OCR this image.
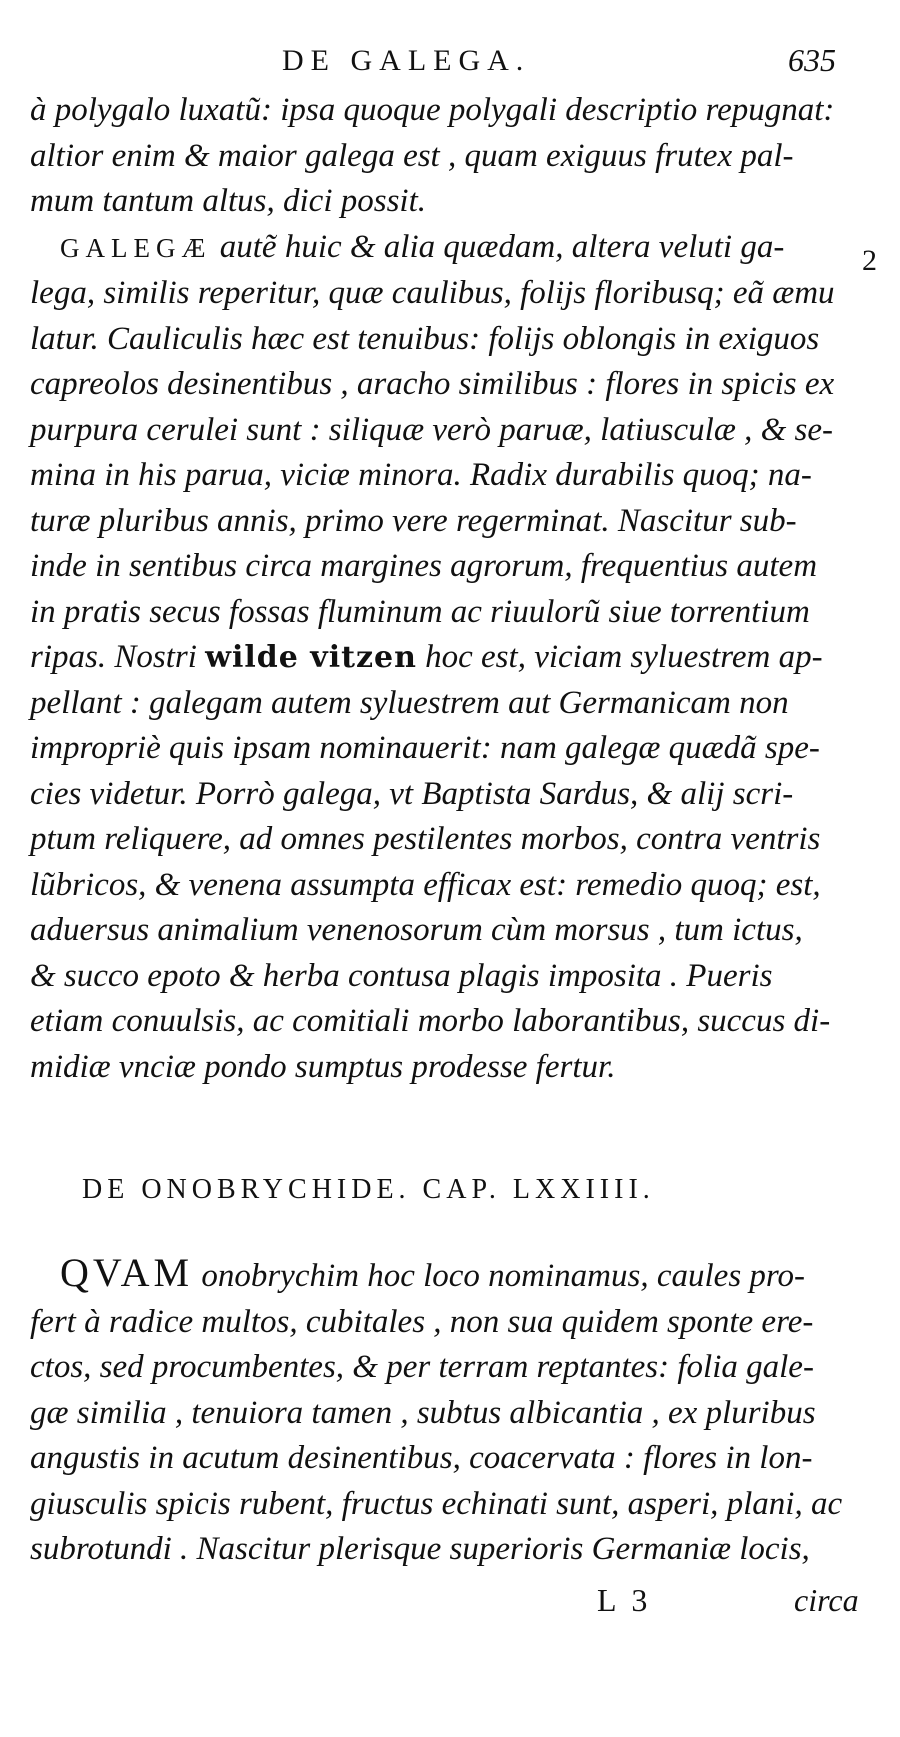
DE GALEGA.	635
à polygalo luxatũ: ipsa quoque polygali descriptio repugnat:
altior enim & maior galega est , quam exiguus frutex pal-
mum tantum altus, dici possit.
GALEGÆ autẽ huic & alia quædam, altera veluti ga-
lega, similis reperitur, quæ caulibus, folijs floribusq; eã æmu
latur. Cauliculis hæc est tenuibus: folijs oblongis in exiguos
capreolos desinentibus , aracho similibus : flores in spicis ex
purpura cerulei sunt : siliquæ verò paruæ, latiusculæ , & se-
mina in his parua, viciæ minora. Radix durabilis quoq; na-
turæ pluribus annis, primo vere regerminat. Nascitur sub-
inde in sentibus circa margines agrorum, frequentius autem
in pratis secus fossas fluminum ac riuulorũ siue torrentium
ripas. Nostri wilde vitzen hoc est, viciam syluestrem ap-
pellant : galegam autem syluestrem aut Germanicam non
impropriè quis ipsam nominauerit: nam galegæ quædã spe-
cies videtur. Porrò galega, vt Baptista Sardus, & alij scri-
ptum reliquere, ad omnes pestilentes morbos, contra ventris
lũbricos, & venena assumpta efficax est: remedio quoq; est,
aduersus animalium venenosorum cùm morsus , tum ictus,
& succo epoto & herba contusa plagis imposita . Pueris
etiam conuulsis, ac comitiali morbo laborantibus, succus di-
midiæ vnciæ pondo sumptus prodesse fertur.
2
DE ONOBRYCHIDE. CAP. LXXIIII.
QVAM onobrychim hoc loco nominamus, caules pro-
fert à radice multos, cubitales , non sua quidem sponte ere-
ctos, sed procumbentes, & per terram reptantes: folia gale-
gæ similia , tenuiora tamen , subtus albicantia , ex pluribus
angustis in acutum desinentibus, coacervata : flores in lon-
giusculis spicis rubent, fructus echinati sunt, asperi, plani, ac
subrotundi . Nascitur plerisque superioris Germaniæ locis,
L 3	circa
